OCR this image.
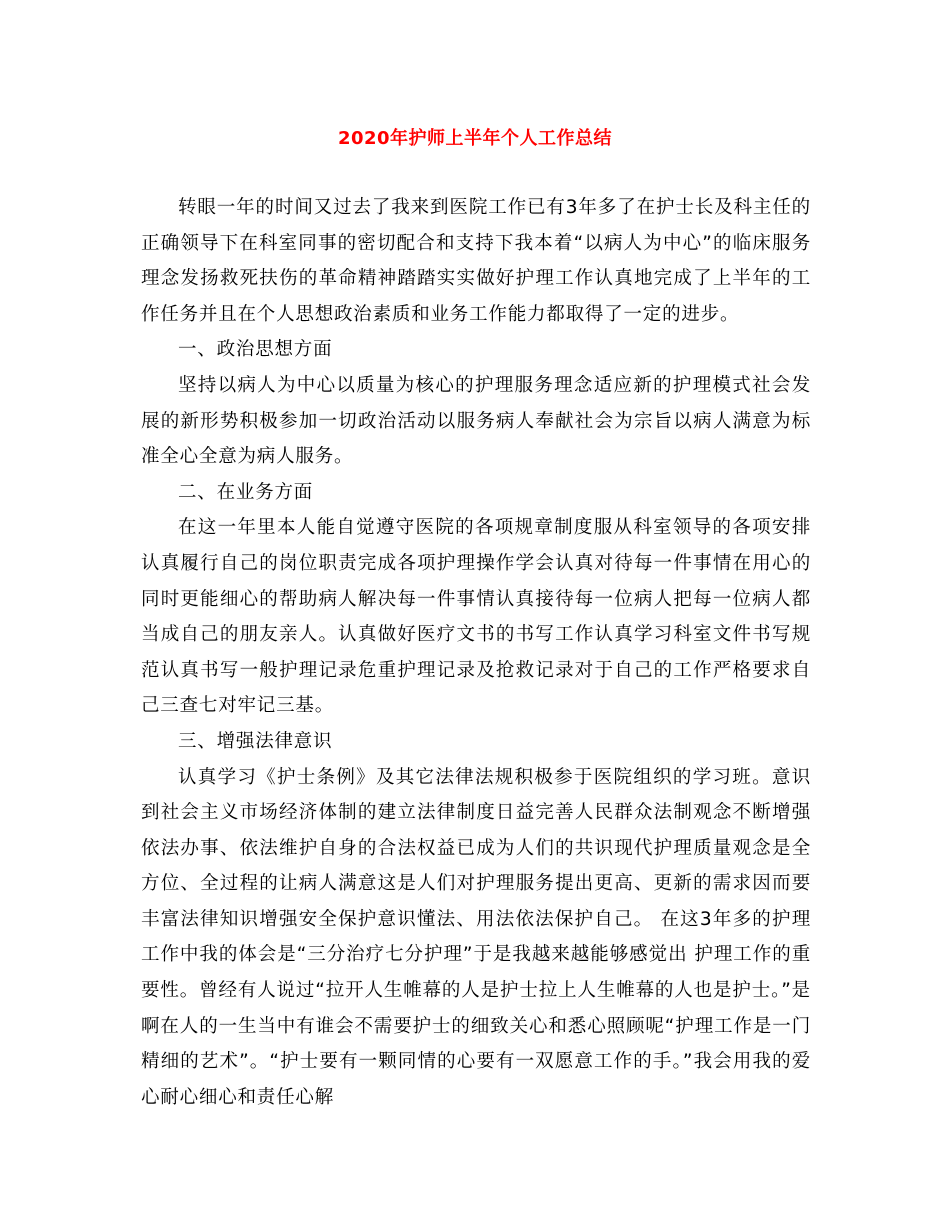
2020年护师上半年个人工作总结

转眼一年的时间又过去了我来到医院工作已有3年多了在护士长及科主任的正确领导下在科室同事的密切配合和支持下我本着“以病人为中心”的临床服务理念发扬救死扶伤的革命精神踏踏实实做好护理工作认真地完成了上半年的工作任务并且在个人思想政治素质和业务工作能力都取得了一定的进步。

一、政治思想方面

坚持以病人为中心以质量为核心的护理服务理念适应新的护理模式社会发展的新形势积极参加一切政治活动以服务病人奉献社会为宗旨以病人满意为标准全心全意为病人服务。

二、在业务方面

在这一年里本人能自觉遵守医院的各项规章制度服从科室领导的各项安排认真履行自己的岗位职责完成各项护理操作学会认真对待每一件事情在用心的同时更能细心的帮助病人解决每一件事情认真接待每一位病人把每一位病人都当成自己的朋友亲人。认真做好医疗文书的书写工作认真学习科室文件书写规范认真书写一般护理记录危重护理记录及抢救记录对于自己的工作严格要求自己三查七对牢记三基。

三、增强法律意识

认真学习《护士条例》及其它法律法规积极参于医院组织的学习班。意识到社会主义市场经济体制的建立法律制度日益完善人民群众法制观念不断增强依法办事、依法维护自身的合法权益已成为人们的共识现代护理质量观念是全方位、全过程的让病人满意这是人们对护理服务提出更高、更新的需求因而要丰富法律知识增强安全保护意识懂法、用法依法保护自己。 在这3年多的护理工作中我的体会是“三分治疗七分护理”于是我越来越能够感觉出 护理工作的重要性。曾经有人说过“拉开人生帷幕的人是护士拉上人生帷幕的人也是护士。”是啊在人的一生当中有谁会不需要护士的细致关心和悉心照顾呢“护理工作是一门精细的艺术”。“护士要有一颗同情的心要有一双愿意工作的手。”我会用我的爱心耐心细心和责任心解
